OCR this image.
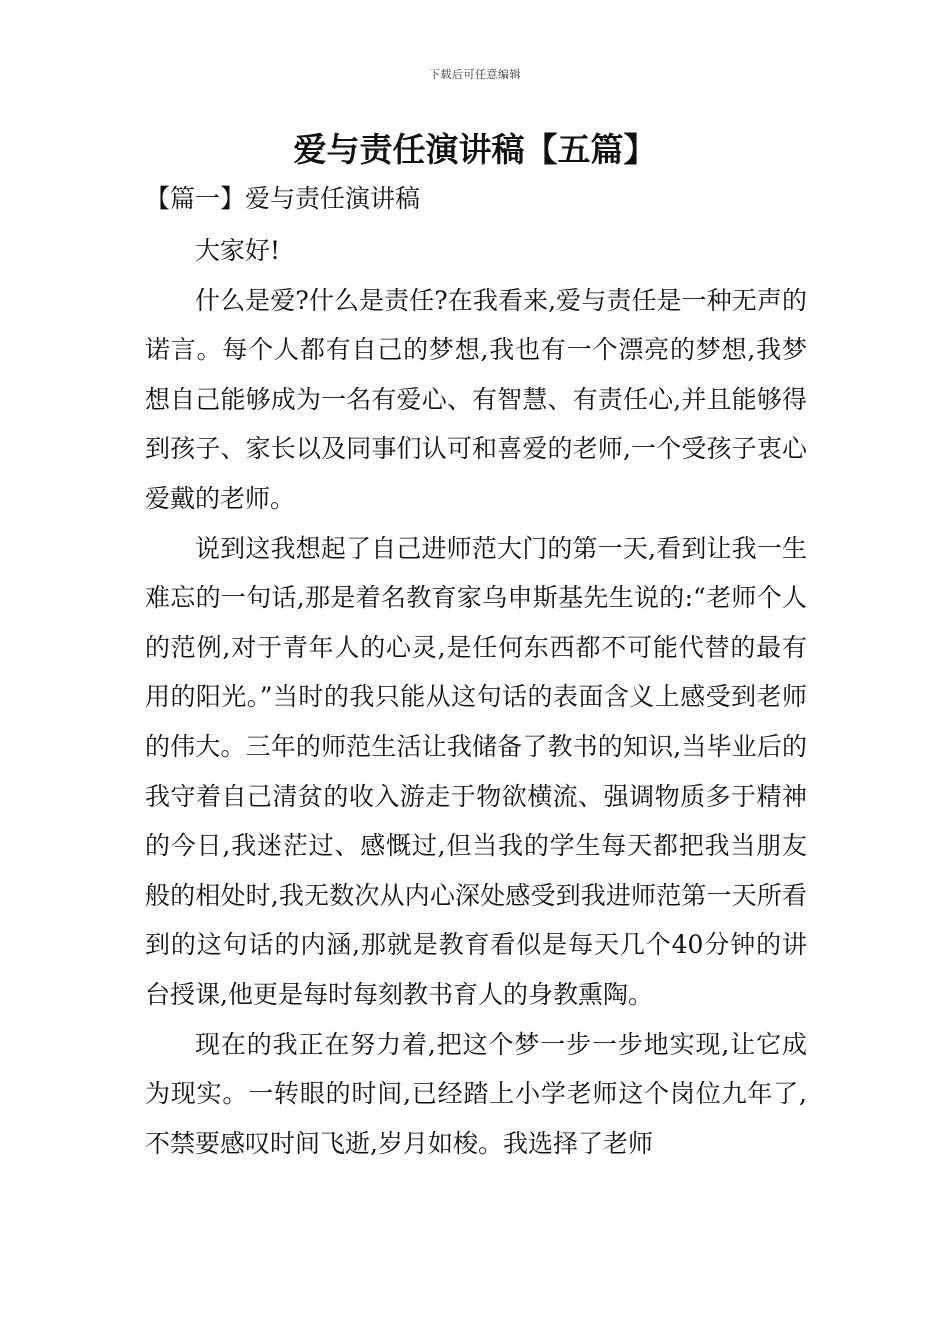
下载后可任意编辑
爱与责任演讲稿【五篇】
【篇一】爱与责任演讲稿

大家好!

什么是爱?什么是责任?在我看来,爱与责任是一种无声的诺言。每个人都有自己的梦想,我也有一个漂亮的梦想,我梦想自己能够成为一名有爱心、有智慧、有责任心,并且能够得到孩子、家长以及同事们认可和喜爱的老师,一个受孩子衷心爱戴的老师。

说到这我想起了自己进师范大门的第一天,看到让我一生难忘的一句话,那是着名教育家乌申斯基先生说的:“老师个人的范例,对于青年人的心灵,是任何东西都不可能代替的最有用的阳光。”当时的我只能从这句话的表面含义上感受到老师的伟大。三年的师范生活让我储备了教书的知识,当毕业后的我守着自己清贫的收入游走于物欲横流、强调物质多于精神的今日,我迷茫过、感慨过,但当我的学生每天都把我当朋友般的相处时,我无数次从内心深处感受到我进师范第一天所看到的这句话的内涵,那就是教育看似是每天几个40分钟的讲台授课,他更是每时每刻教书育人的身教熏陶。

现在的我正在努力着,把这个梦一步一步地实现,让它成为现实。一转眼的时间,已经踏上小学老师这个岗位九年了,不禁要感叹时间飞逝,岁月如梭。我选择了老师
